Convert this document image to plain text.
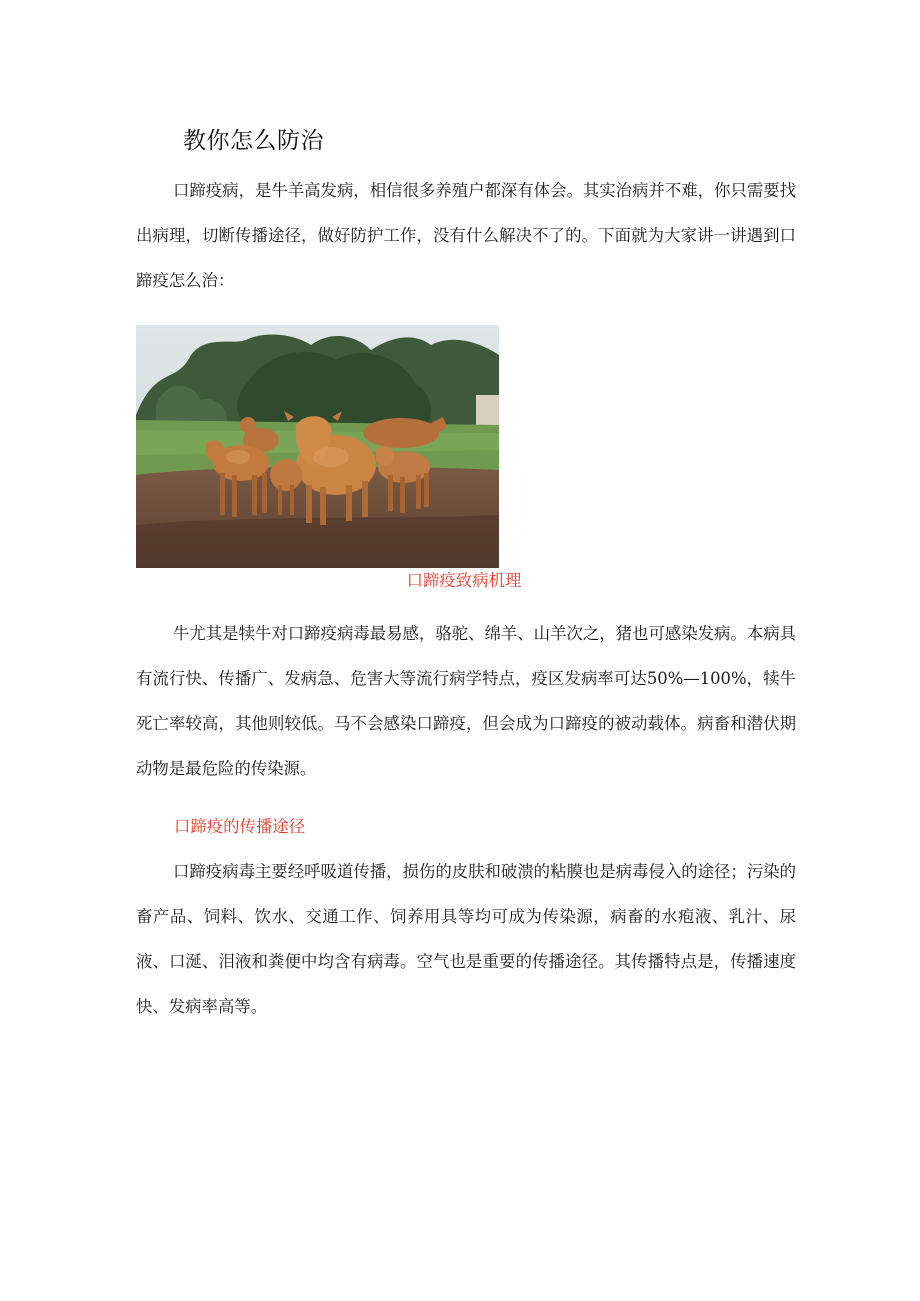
教你怎么防治
口蹄疫病，是牛羊高发病，相信很多养殖户都深有体会。其实治病并不难，你只需要找出病理，切断传播途径，做好防护工作，没有什么解决不了的。下面就为大家讲一讲遇到口蹄疫怎么治：
口蹄疫致病机理
牛尤其是犊牛对口蹄疫病毒最易感，骆驼、绵羊、山羊次之，猪也可感染发病。本病具有流行快、传播广、发病急、危害大等流行病学特点，疫区发病率可达50%—100%，犊牛死亡率较高，其他则较低。马不会感染口蹄疫，但会成为口蹄疫的被动载体。病畜和潜伏期动物是最危险的传染源。
口蹄疫的传播途径
口蹄疫病毒主要经呼吸道传播，损伤的皮肤和破溃的粘膜也是病毒侵入的途径；污染的畜产品、饲料、饮水、交通工作、饲养用具等均可成为传染源，病畜的水疱液、乳汁、尿液、口涎、泪液和粪便中均含有病毒。空气也是重要的传播途径。其传播特点是，传播速度快、发病率高等。
